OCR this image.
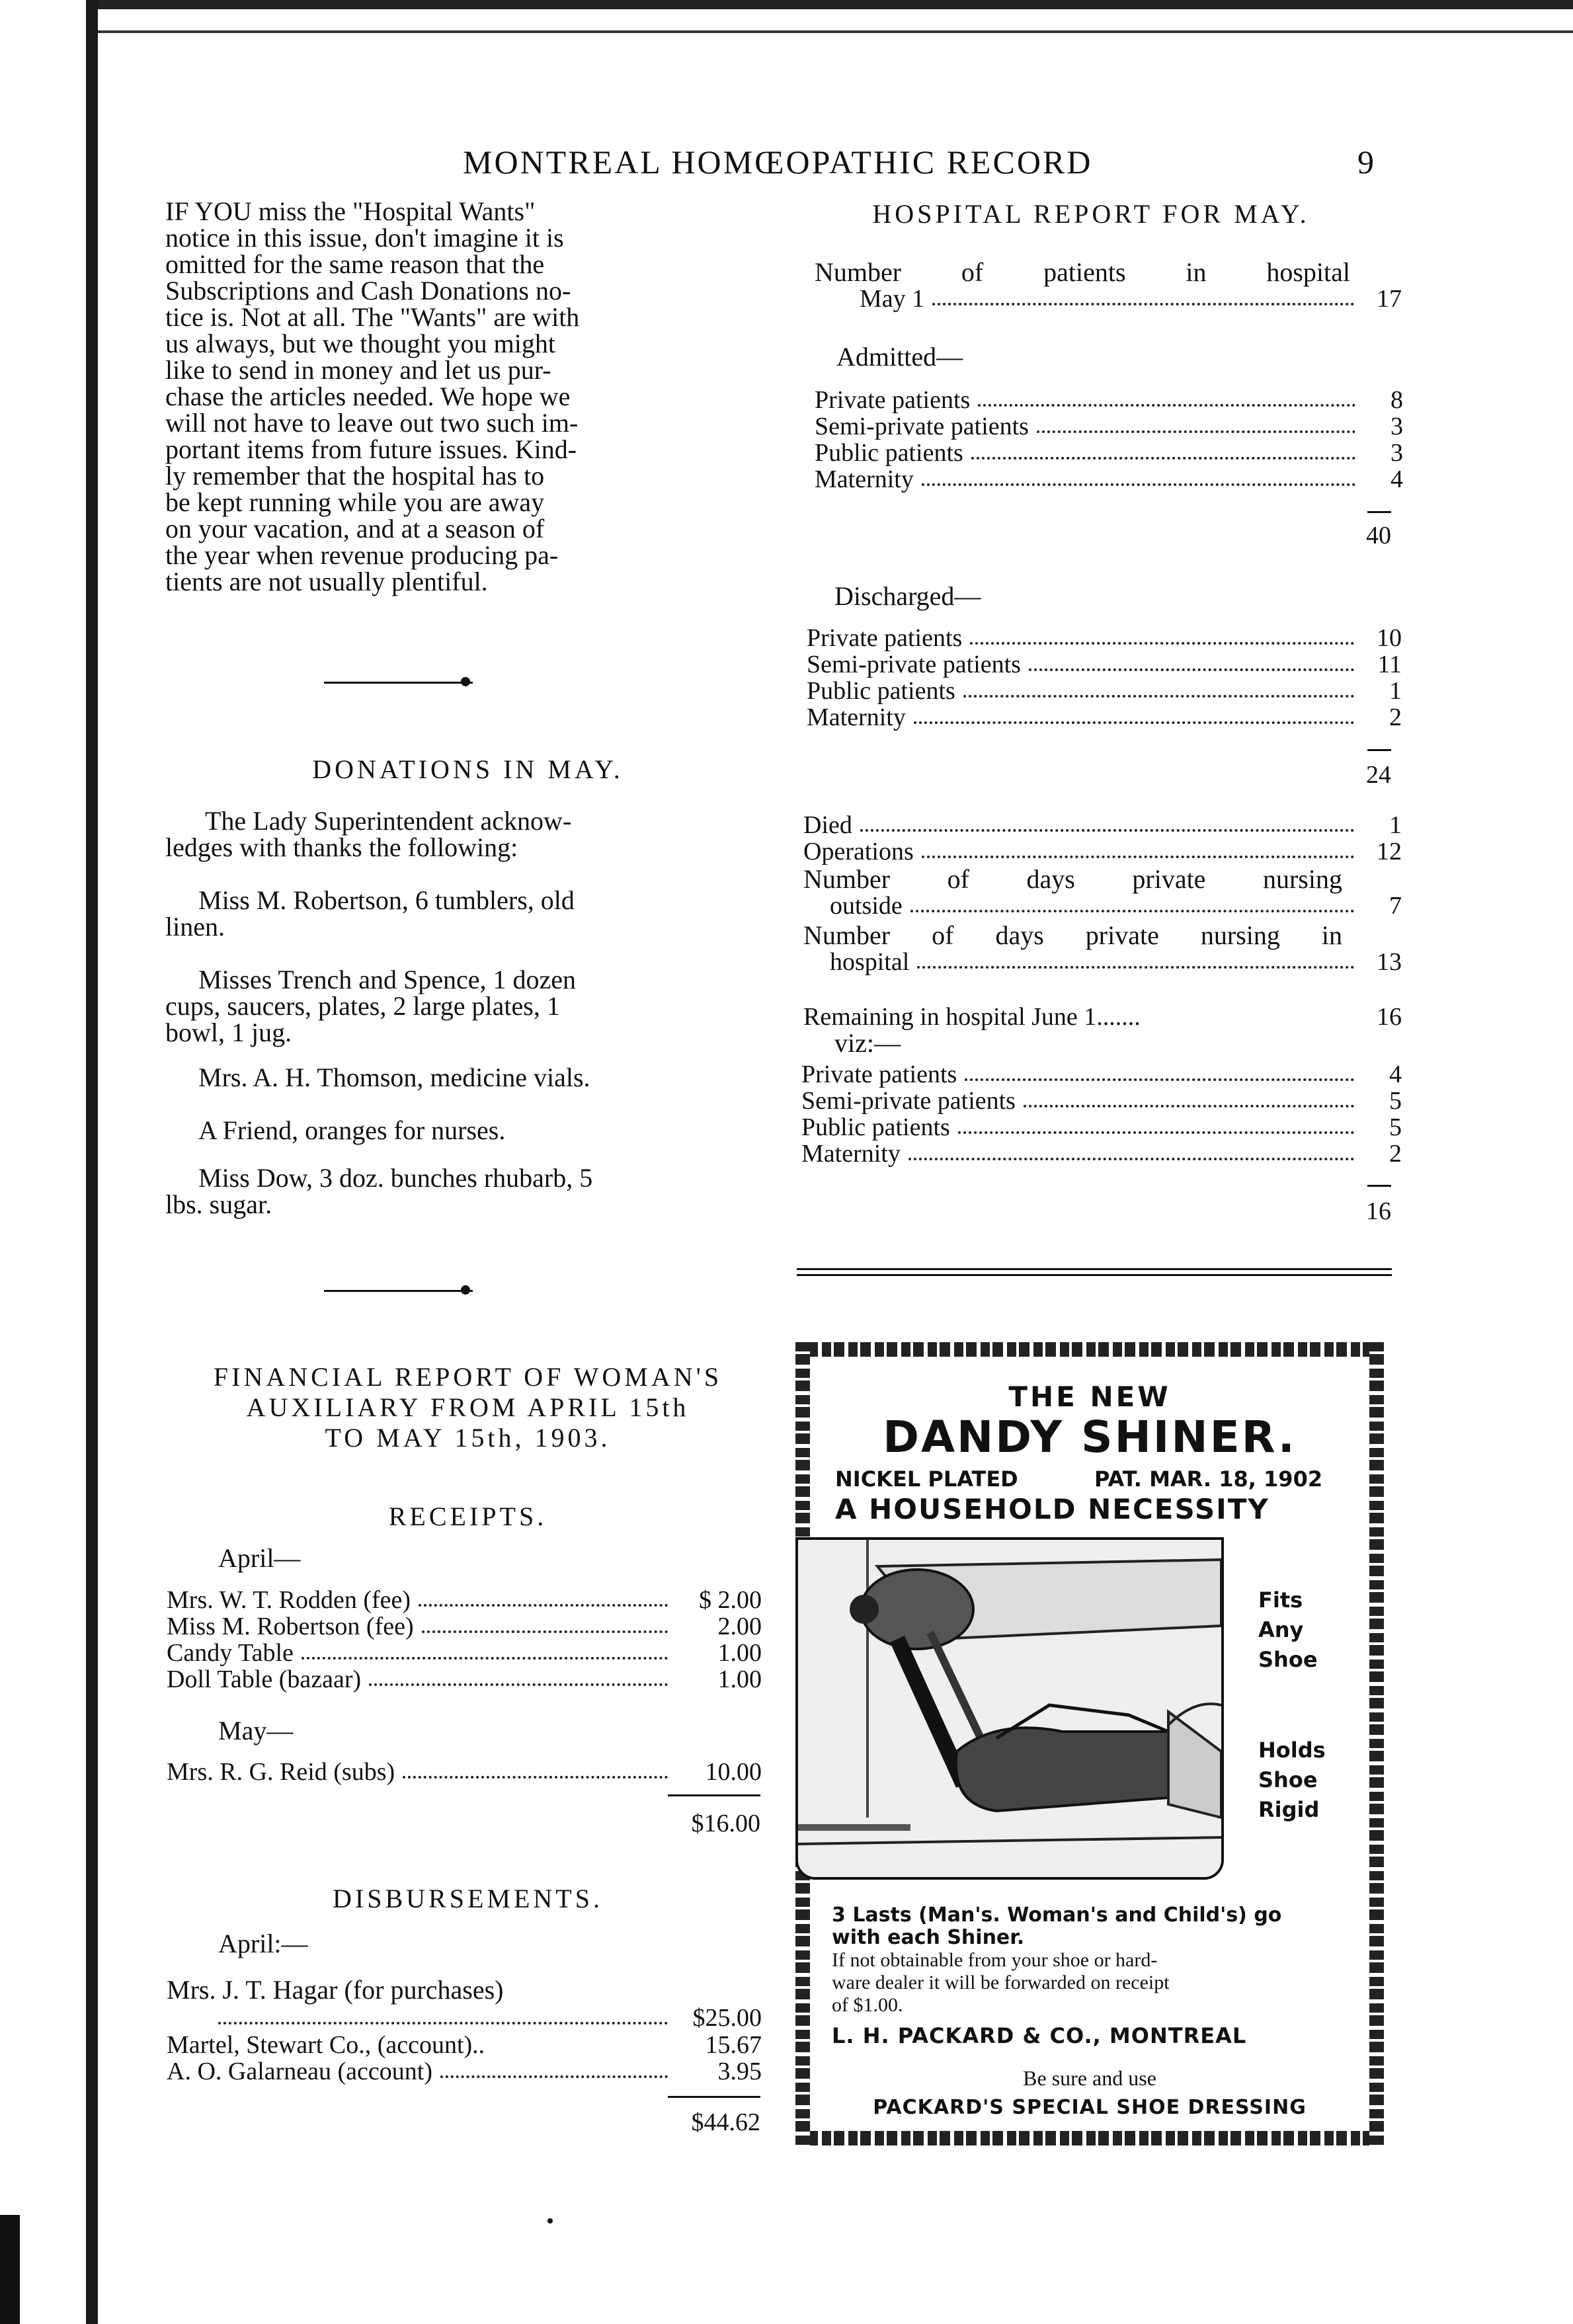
MONTREAL HOMŒOPATHIC RECORD	9
IF YOU miss the "Hospital Wants"
notice in this issue, don't imagine it is
omitted for the same reason that the
Subscriptions and Cash Donations no-
tice is. Not at all. The "Wants" are with
us always, but we thought you might
like to send in money and let us pur-
chase the articles needed. We hope we
will not have to leave out two such im-
portant items from future issues. Kind-
ly remember that the hospital has to
be kept running while you are away
on your vacation, and at a season of
the year when revenue producing pa-
tients are not usually plentiful.
DONATIONS IN MAY.
The Lady Superintendent acknow-
ledges with thanks the following:
Miss M. Robertson, 6 tumblers, old
linen.
Misses Trench and Spence, 1 dozen
cups, saucers, plates, 2 large plates, 1
bowl, 1 jug.
Mrs. A. H. Thomson, medicine vials.
A Friend, oranges for nurses.
Miss Dow, 3 doz. bunches rhubarb, 5
lbs. sugar.
FINANCIAL REPORT OF WOMAN'S
AUXILIARY FROM APRIL 15th
TO MAY 15th, 1903.
RECEIPTS.
April—
Mrs. W. T. Rodden (fee)	$ 2.00
Miss M. Robertson (fee)	2.00
Candy Table	1.00
Doll Table (bazaar)	1.00
May—
Mrs. R. G. Reid (subs)	10.00
$16.00
DISBURSEMENTS.
April:—
Mrs. J. T. Hagar (for purchases)
$25.00
Martel, Stewart Co., (account)..	15.67
A. O. Galarneau (account)	3.95
$44.62
HOSPITAL REPORT FOR MAY.
Number of patients in hospital
May 1	17
Admitted—
Private patients	8
Semi-private patients	3
Public patients	3
Maternity	4
40
Discharged—
Private patients	10
Semi-private patients	11
Public patients	1
Maternity	2
24
Died	1
Operations	12
Number of days private nursing
outside	7
Number of days private nursing in
hospital	13
Remaining in hospital June 1.......	16
viz:—
Private patients	4
Semi-private patients	5
Public patients	5
Maternity	2
16
THE NEW
DANDY SHINER.
NICKEL PLATED	PAT. MAR. 18, 1902
A HOUSEHOLD NECESSITY
Fits
Any
Shoe
Holds
Shoe
Rigid
3 Lasts (Man's. Woman's and Child's) go
with each Shiner.
If not obtainable from your shoe or hard-
ware dealer it will be forwarded on receipt
of $1.00.
L. H. PACKARD & CO., MONTREAL
Be sure and use
PACKARD'S SPECIAL SHOE DRESSING
